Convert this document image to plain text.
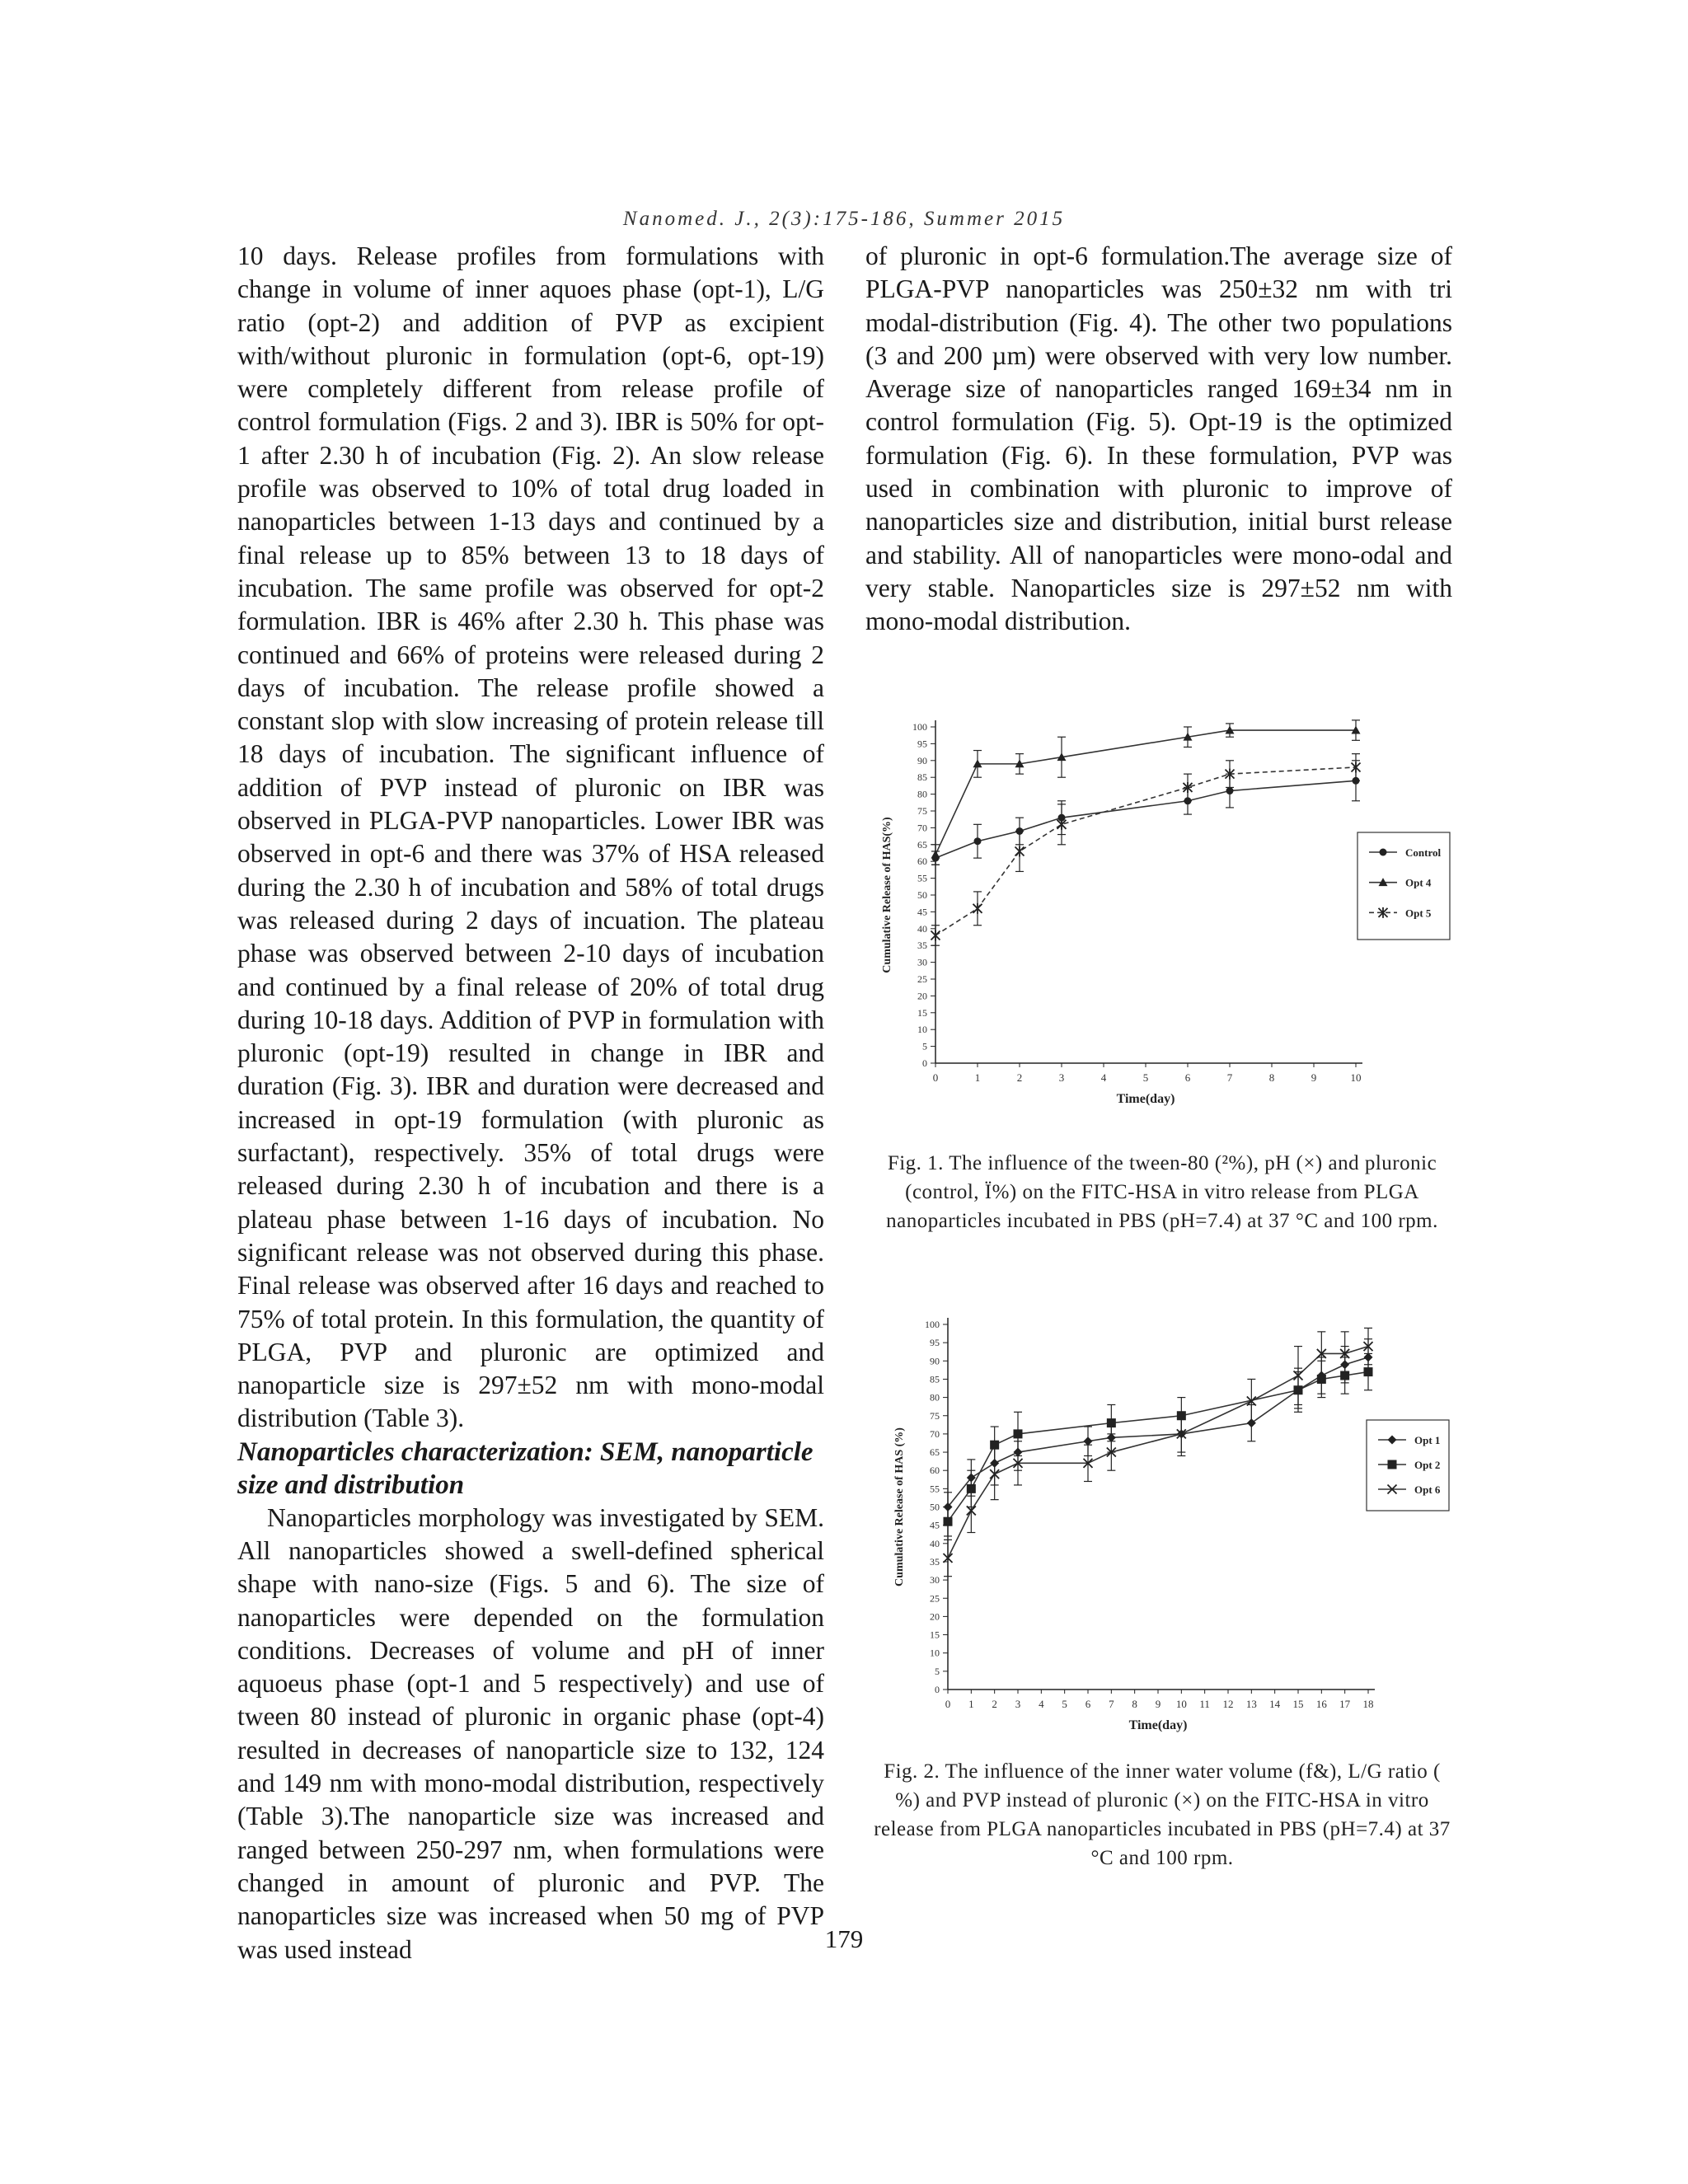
Nanomed. J., 2(3):175-186, Summer 2015

10 days. Release profiles from formulations with change in volume of inner aquoes phase (opt-1), L/G ratio (opt-2) and addition of PVP as excipient with/without pluronic in formulation (opt-6, opt-19) were completely different from release profile of control formulation (Figs. 2 and 3). IBR is 50% for opt-1 after 2.30 h of incubation (Fig. 2). An slow release profile was observed to 10% of total drug loaded in nanoparticles between 1-13 days and continued by a final release up to 85% between 13 to 18 days of incubation. The same profile was observed for opt-2 formulation. IBR is 46% after 2.30 h. This phase was continued and 66% of proteins were released during 2 days of incubation. The release profile showed a constant slop with slow increasing of protein release till 18 days of incubation. The significant influence of addition of PVP instead of pluronic on IBR was observed in PLGA-PVP nanoparticles. Lower IBR was observed in opt-6 and there was 37% of HSA released during the 2.30 h of incubation and 58% of total drugs was released during 2 days of incuation. The plateau phase was observed between 2-10 days of incubation and continued by a final release of 20% of total drug during 10-18 days. Addition of PVP in formulation with pluronic (opt-19) resulted in change in IBR and duration (Fig. 3). IBR and duration were decreased and increased in opt-19 formulation (with pluronic as surfactant), respectively. 35% of total drugs were released during 2.30 h of incubation and there is a plateau phase between 1-16 days of incubation. No significant release was not observed during this phase. Final release was observed after 16 days and reached to 75% of total protein. In this formulation, the quantity of PLGA, PVP and pluronic are optimized and nanoparticle size is 297±52 nm with mono-modal distribution (Table 3).

Nanoparticles characterization: SEM, nanoparticle size and distribution

Nanoparticles morphology was investigated by SEM. All nanoparticles showed a swell-defined spherical shape with nano-size (Figs. 5 and 6). The size of nanoparticles were depended on the formulation conditions. Decreases of volume and pH of inner aquoeus phase (opt-1 and 5 respectively) and use of tween 80 instead of pluronic in organic phase (opt-4) resulted in decreases of nanoparticle size to 132, 124 and 149 nm with mono-modal distribution, respectively (Table 3).The nanoparticle size was increased and ranged between 250-297 nm, when formulations were changed in amount of pluronic and PVP. The nanoparticles size was increased when 50 mg of PVP was used instead

of pluronic in opt-6 formulation.The average size of PLGA-PVP nanoparticles was 250±32 nm with tri modal-distribution (Fig. 4). The other two populations (3 and 200 µm) were observed with very low number. Average size of nanoparticles ranged 169±34 nm in control formulation (Fig. 5). Opt-19 is the optimized formulation (Fig. 6). In these formulation, PVP was used in combination with pluronic to improve of nanoparticles size and distribution, initial burst release and stability. All of nanoparticles were mono-odal and very stable. Nanoparticles size is 297±52 nm with mono-modal distribution.

0
5
10
15
20
25
30
35
40
45
50
55
60
65
70
75
80
85
90
95
100
0	1	2	3	4	5	6	7	8	9	10
Time(day)
Cumulative Release of HAS(%)	Control
Opt 4
Opt 5
Fig. 1. The influence of the tween-80 (²%), pH (×) and pluronic (control, Ï%) on the FITC-HSA in vitro release from PLGA nanoparticles incubated in PBS (pH=7.4) at 37 °C and 100 rpm.
0
5
10
15
20
25
30
35
40
45
50
55
60
65
70
75
80
85
90
95
100
0 1 2 3 4 5 6 7 8 9 10 11 12 13 14 15 16 17 18
Time(day)
Cumulative Release of HAS (%)	Opt 1
Opt 2
Opt 6
Fig. 2. The influence of the inner water volume (f&), L/G ratio ( %) and PVP instead of pluronic (×) on the FITC-HSA in vitro release from PLGA nanoparticles incubated in PBS (pH=7.4) at 37 °C and 100 rpm.
179
